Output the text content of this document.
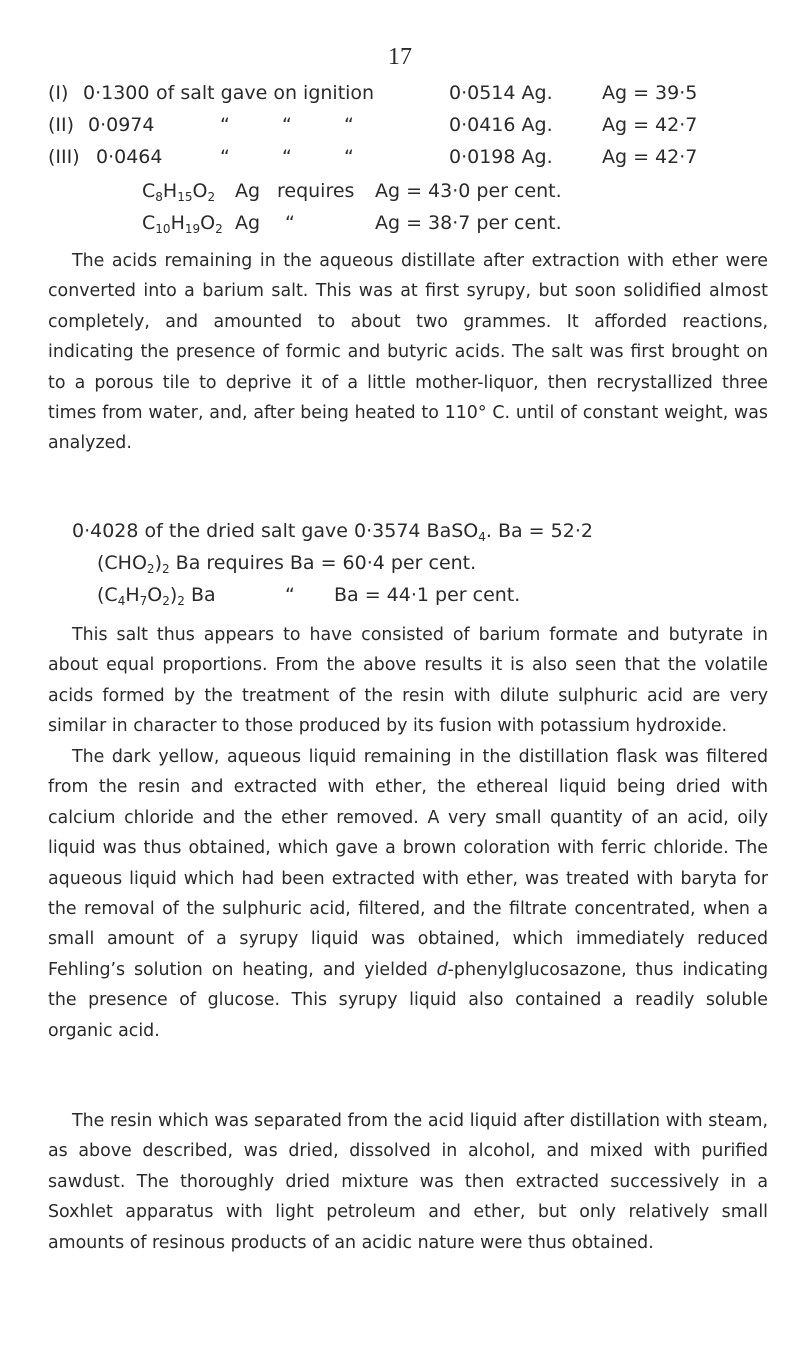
17
(I) 0·1300 of salt gave on ignition	0·0514 Ag.	Ag = 39·5
(II) 0·0974	“	“	“	0·0416 Ag.	Ag = 42·7
(III) 0·0464	“	“	“	0·0198 Ag.	Ag = 42·7
$C_8H_{15}O_2$ Ag requires Ag = 43·0 per cent.
$C_{10}H_{19}O_2$ Ag “	Ag = 38·7 per cent.

The acids remaining in the aqueous distillate after extraction with ether were converted into a barium salt. This was at first syrupy, but soon solidified almost completely, and amounted to about two grammes. It afforded reactions, indicating the presence of formic and butyric acids. The salt was first brought on to a porous tile to deprive it of a little mother-liquor, then recrystallized three times from water, and, after being heated to 110° C. until of constant weight, was analyzed.

0·4028 of the dried salt gave 0·3574 BaSO$_4$. Ba = 52·2
$(CHO_2)_2$ Ba requires Ba = 60·4 per cent.
$(C_4H_7O_2)_2$ Ba	“ Ba = 44·1 per cent.

This salt thus appears to have consisted of barium formate and butyrate in about equal proportions. From the above results it is also seen that the volatile acids formed by the treatment of the resin with dilute sulphuric acid are very similar in character to those produced by its fusion with potassium hydroxide.

The dark yellow, aqueous liquid remaining in the distillation flask was filtered from the resin and extracted with ether, the ethereal liquid being dried with calcium chloride and the ether removed. A very small quantity of an acid, oily liquid was thus obtained, which gave a brown coloration with ferric chloride. The aqueous liquid which had been extracted with ether, was treated with baryta for the removal of the sulphuric acid, filtered, and the filtrate concentrated, when a small amount of a syrupy liquid was obtained, which immediately reduced Fehling’s solution on heating, and yielded d-phenylglucosazone, thus indicating the presence of glucose. This syrupy liquid also contained a readily soluble organic acid.

The resin which was separated from the acid liquid after distillation with steam, as above described, was dried, dissolved in alcohol, and mixed with purified sawdust. The thoroughly dried mixture was then extracted successively in a Soxhlet apparatus with light petroleum and ether, but only relatively small amounts of resinous products of an acidic nature were thus obtained.
